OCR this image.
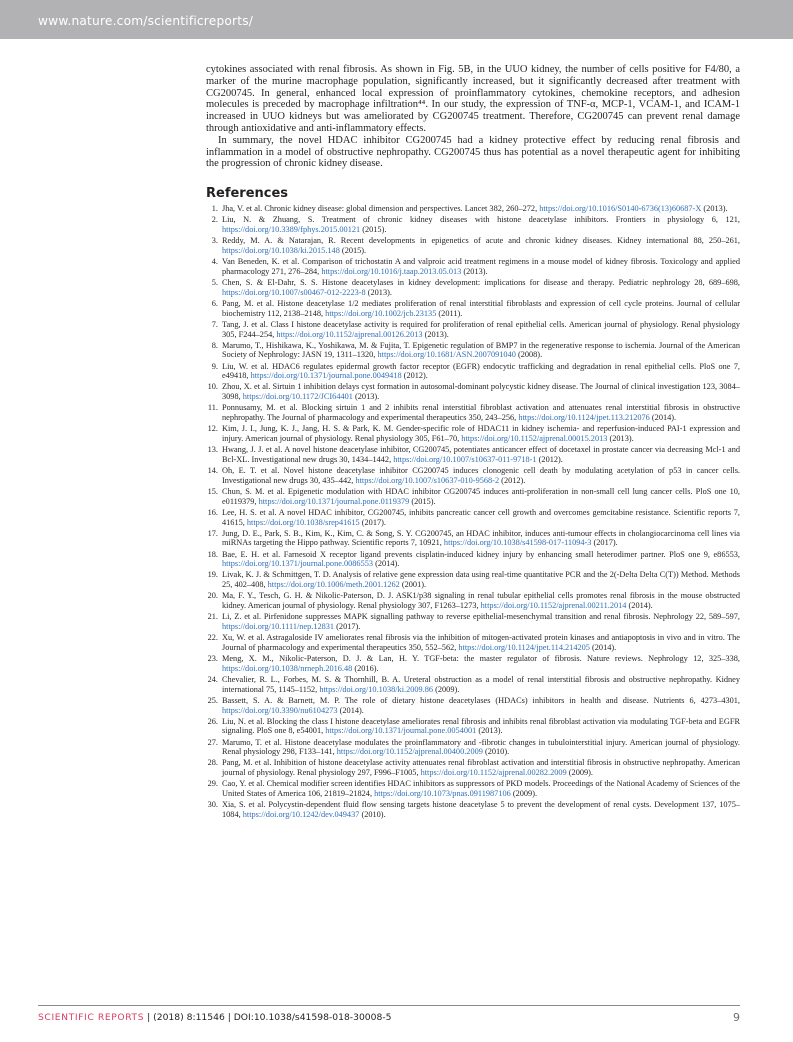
www.nature.com/scientificreports/

cytokines associated with renal fibrosis. As shown in Fig. 5B, in the UUO kidney, the number of cells positive for F4/80, a marker of the murine macrophage population, significantly increased, but it significantly decreased after treatment with CG200745. In general, enhanced local expression of proinflammatory cytokines, chemokine receptors, and adhesion molecules is preceded by macrophage infiltration⁴⁴. In our study, the expression of TNF-α, MCP-1, VCAM-1, and ICAM-1 increased in UUO kidneys but was ameliorated by CG200745 treatment. Therefore, CG200745 can prevent renal damage through antioxidative and anti-inflammatory effects.

In summary, the novel HDAC inhibitor CG200745 had a kidney protective effect by reducing renal fibrosis and inflammation in a model of obstructive nephropathy. CG200745 thus has potential as a novel therapeutic agent for inhibiting the progression of chronic kidney disease.

References
1. Jha, V. et al. Chronic kidney disease: global dimension and perspectives. Lancet 382, 260–272, https://doi.org/10.1016/S0140-6736(13)60687-X (2013).
2. Liu, N. & Zhuang, S. Treatment of chronic kidney diseases with histone deacetylase inhibitors. Frontiers in physiology 6, 121, https://doi.org/10.3389/fphys.2015.00121 (2015).
3. Reddy, M. A. & Natarajan, R. Recent developments in epigenetics of acute and chronic kidney diseases. Kidney international 88, 250–261, https://doi.org/10.1038/ki.2015.148 (2015).
4. Van Beneden, K. et al. Comparison of trichostatin A and valproic acid treatment regimens in a mouse model of kidney fibrosis. Toxicology and applied pharmacology 271, 276–284, https://doi.org/10.1016/j.taap.2013.05.013 (2013).
5. Chen, S. & El-Dahr, S. S. Histone deacetylases in kidney development: implications for disease and therapy. Pediatric nephrology 28, 689–698, https://doi.org/10.1007/s00467-012-2223-8 (2013).
6. Pang, M. et al. Histone deacetylase 1/2 mediates proliferation of renal interstitial fibroblasts and expression of cell cycle proteins. Journal of cellular biochemistry 112, 2138–2148, https://doi.org/10.1002/jcb.23135 (2011).
7. Tang, J. et al. Class I histone deacetylase activity is required for proliferation of renal epithelial cells. American journal of physiology. Renal physiology 305, F244–254, https://doi.org/10.1152/ajprenal.00126.2013 (2013).
8. Marumo, T., Hishikawa, K., Yoshikawa, M. & Fujita, T. Epigenetic regulation of BMP7 in the regenerative response to ischemia. Journal of the American Society of Nephrology: JASN 19, 1311–1320, https://doi.org/10.1681/ASN.2007091040 (2008).
9. Liu, W. et al. HDAC6 regulates epidermal growth factor receptor (EGFR) endocytic trafficking and degradation in renal epithelial cells. PloS one 7, e49418, https://doi.org/10.1371/journal.pone.0049418 (2012).
10. Zhou, X. et al. Sirtuin 1 inhibition delays cyst formation in autosomal-dominant polycystic kidney disease. The Journal of clinical investigation 123, 3084–3098, https://doi.org/10.1172/JCI64401 (2013).
11. Ponnusamy, M. et al. Blocking sirtuin 1 and 2 inhibits renal interstitial fibroblast activation and attenuates renal interstitial fibrosis in obstructive nephropathy. The Journal of pharmacology and experimental therapeutics 350, 243–256, https://doi.org/10.1124/jpet.113.212076 (2014).
12. Kim, J. I., Jung, K. J., Jang, H. S. & Park, K. M. Gender-specific role of HDAC11 in kidney ischemia- and reperfusion-induced PAI-1 expression and injury. American journal of physiology. Renal physiology 305, F61–70, https://doi.org/10.1152/ajprenal.00015.2013 (2013).
13. Hwang, J. J. et al. A novel histone deacetylase inhibitor, CG200745, potentiates anticancer effect of docetaxel in prostate cancer via decreasing Mcl-1 and Bcl-XL. Investigational new drugs 30, 1434–1442, https://doi.org/10.1007/s10637-011-9718-1 (2012).
14. Oh, E. T. et al. Novel histone deacetylase inhibitor CG200745 induces clonogenic cell death by modulating acetylation of p53 in cancer cells. Investigational new drugs 30, 435–442, https://doi.org/10.1007/s10637-010-9568-2 (2012).
15. Chun, S. M. et al. Epigenetic modulation with HDAC inhibitor CG200745 induces anti-proliferation in non-small cell lung cancer cells. PloS one 10, e0119379, https://doi.org/10.1371/journal.pone.0119379 (2015).
16. Lee, H. S. et al. A novel HDAC inhibitor, CG200745, inhibits pancreatic cancer cell growth and overcomes gemcitabine resistance. Scientific reports 7, 41615, https://doi.org/10.1038/srep41615 (2017).
17. Jung, D. E., Park, S. B., Kim, K., Kim, C. & Song, S. Y. CG200745, an HDAC inhibitor, induces anti-tumour effects in cholangiocarcinoma cell lines via miRNAs targeting the Hippo pathway. Scientific reports 7, 10921, https://doi.org/10.1038/s41598-017-11094-3 (2017).
18. Bae, E. H. et al. Farnesoid X receptor ligand prevents cisplatin-induced kidney injury by enhancing small heterodimer partner. PloS one 9, e86553, https://doi.org/10.1371/journal.pone.0086553 (2014).
19. Livak, K. J. & Schmittgen, T. D. Analysis of relative gene expression data using real-time quantitative PCR and the 2(-Delta Delta C(T)) Method. Methods 25, 402–408, https://doi.org/10.1006/meth.2001.1262 (2001).
20. Ma, F. Y., Tesch, G. H. & Nikolic-Paterson, D. J. ASK1/p38 signaling in renal tubular epithelial cells promotes renal fibrosis in the mouse obstructed kidney. American journal of physiology. Renal physiology 307, F1263–1273, https://doi.org/10.1152/ajprenal.00211.2014 (2014).
21. Li, Z. et al. Pirfenidone suppresses MAPK signalling pathway to reverse epithelial-mesenchymal transition and renal fibrosis. Nephrology 22, 589–597, https://doi.org/10.1111/nep.12831 (2017).
22. Xu, W. et al. Astragaloside IV ameliorates renal fibrosis via the inhibition of mitogen-activated protein kinases and antiapoptosis in vivo and in vitro. The Journal of pharmacology and experimental therapeutics 350, 552–562, https://doi.org/10.1124/jpet.114.214205 (2014).
23. Meng, X. M., Nikolic-Paterson, D. J. & Lan, H. Y. TGF-beta: the master regulator of fibrosis. Nature reviews. Nephrology 12, 325–338, https://doi.org/10.1038/nrneph.2016.48 (2016).
24. Chevalier, R. L., Forbes, M. S. & Thornhill, B. A. Ureteral obstruction as a model of renal interstitial fibrosis and obstructive nephropathy. Kidney international 75, 1145–1152, https://doi.org/10.1038/ki.2009.86 (2009).
25. Bassett, S. A. & Barnett, M. P. The role of dietary histone deacetylases (HDACs) inhibitors in health and disease. Nutrients 6, 4273–4301, https://doi.org/10.3390/nu6104273 (2014).
26. Liu, N. et al. Blocking the class I histone deacetylase ameliorates renal fibrosis and inhibits renal fibroblast activation via modulating TGF-beta and EGFR signaling. PloS one 8, e54001, https://doi.org/10.1371/journal.pone.0054001 (2013).
27. Marumo, T. et al. Histone deacetylase modulates the proinflammatory and -fibrotic changes in tubulointerstitial injury. American journal of physiology. Renal physiology 298, F133–141, https://doi.org/10.1152/ajprenal.00400.2009 (2010).
28. Pang, M. et al. Inhibition of histone deacetylase activity attenuates renal fibroblast activation and interstitial fibrosis in obstructive nephropathy. American journal of physiology. Renal physiology 297, F996–F1005, https://doi.org/10.1152/ajprenal.00282.2009 (2009).
29. Cao, Y. et al. Chemical modifier screen identifies HDAC inhibitors as suppressors of PKD models. Proceedings of the National Academy of Sciences of the United States of America 106, 21819–21824, https://doi.org/10.1073/pnas.0911987106 (2009).
30. Xia, S. et al. Polycystin-dependent fluid flow sensing targets histone deacetylase 5 to prevent the development of renal cysts. Development 137, 1075–1084, https://doi.org/10.1242/dev.049437 (2010).
SCIENTIFIC REPORTS | (2018) 8:11546 | DOI:10.1038/s41598-018-30008-5	9
